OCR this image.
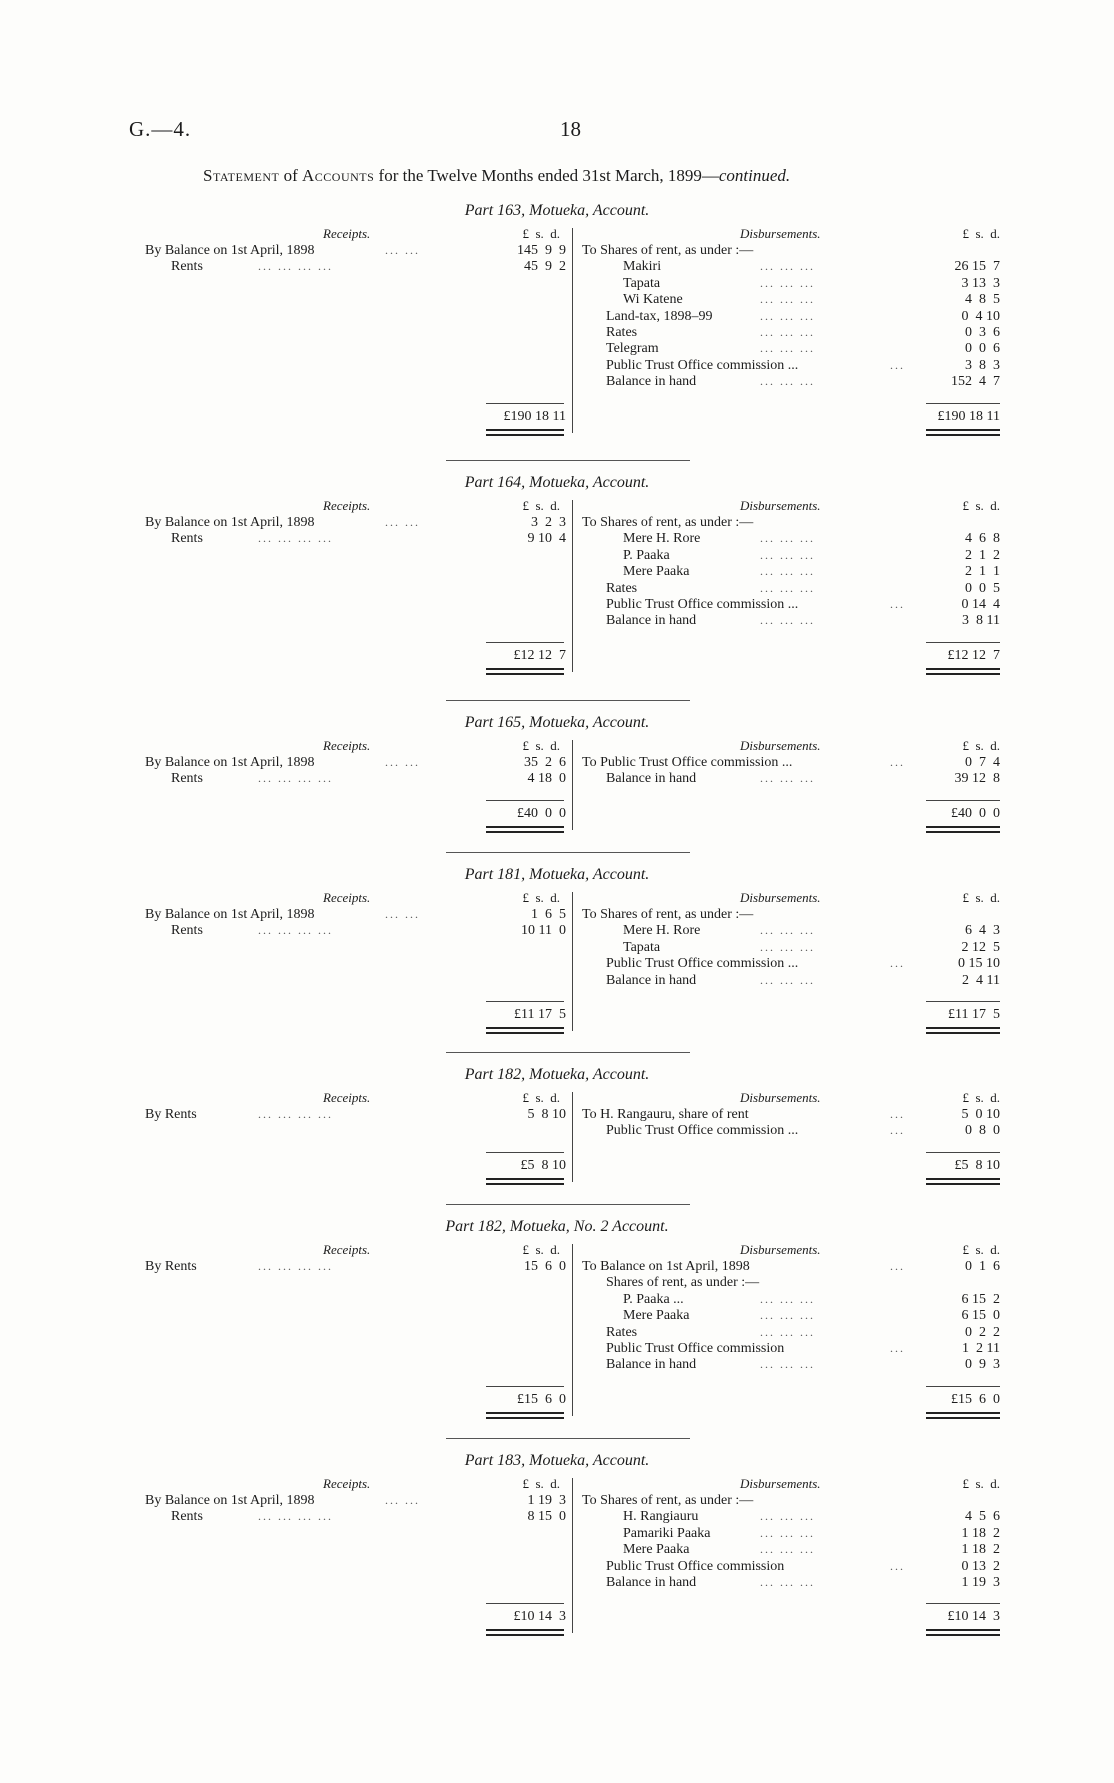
G.—4.	18
Statement of Accounts for the Twelve Months ended 31st March, 1899—continued.
Part 163, Motueka, Account.
Receipts.	£  s.  d.	Disbursements.	£  s.  d.
By Balance on 1st April, 1898	... ...	145  9  9
Rents	... ... ... ...	45  9  2
To Shares of rent, as under :—
Makiri	... ... ...	26 15  7
Tapata	... ... ...	3 13  3
Wi Katene	... ... ...	4  8  5
Land-tax, 1898–99	... ... ...	0  4 10
Rates	... ... ...	0  3  6
Telegram	... ... ...	0  0  6
Public Trust Office commission ...	...	3  8  3
Balance in hand	... ... ...	152  4  7
£190 18 11	£190 18 11
Part 164, Motueka, Account.
Receipts.	£  s.  d.	Disbursements.	£  s.  d.
By Balance on 1st April, 1898	... ...	3  2  3
Rents	... ... ... ...	9 10  4
To Shares of rent, as under :—
Mere H. Rore	... ... ...	4  6  8
P. Paaka	... ... ...	2  1  2
Mere Paaka	... ... ...	2  1  1
Rates	... ... ...	0  0  5
Public Trust Office commission ...	...	0 14  4
Balance in hand	... ... ...	3  8 11
£12 12  7	£12 12  7
Part 165, Motueka, Account.
Receipts.	£  s.  d.	Disbursements.	£  s.  d.
By Balance on 1st April, 1898	... ...	35  2  6
Rents	... ... ... ...	4 18  0
To Public Trust Office commission ...	...	0  7  4
Balance in hand	... ... ...	39 12  8
£40  0  0	£40  0  0
Part 181, Motueka, Account.
Receipts.	£  s.  d.	Disbursements.	£  s.  d.
By Balance on 1st April, 1898	... ...	1  6  5
Rents	... ... ... ...	10 11  0
To Shares of rent, as under :—
Mere H. Rore	... ... ...	6  4  3
Tapata	... ... ...	2 12  5
Public Trust Office commission ...	...	0 15 10
Balance in hand	... ... ...	2  4 11
£11 17  5	£11 17  5
Part 182, Motueka, Account.
Receipts.	£  s.  d.	Disbursements.	£  s.  d.
By Rents	... ... ... ...	5  8 10 To H. Rangauru, share of rent	...	5  0 10
Public Trust Office commission ...	...	0  8  0
£5  8 10	£5  8 10
Part 182, Motueka, No. 2 Account.
Receipts.	£  s.  d.	Disbursements.	£  s.  d.
By Rents	... ... ... ...	15  6  0 To Balance on 1st April, 1898	...	0  1  6
Shares of rent, as under :—
P. Paaka ...	... ... ...	6 15  2
Mere Paaka	... ... ...	6 15  0
Rates	... ... ...	0  2  2
Public Trust Office commission	...	1  2 11
Balance in hand	... ... ...	0  9  3
£15  6  0	£15  6  0
Part 183, Motueka, Account.
Receipts.	£  s.  d.	Disbursements.	£  s.  d.
By Balance on 1st April, 1898	... ...	1 19  3
Rents	... ... ... ...	8 15  0
To Shares of rent, as under :—
H. Rangiauru	... ... ...	4  5  6
Pamariki Paaka	... ... ...	1 18  2
Mere Paaka	... ... ...	1 18  2
Public Trust Office commission	...	0 13  2
Balance in hand	... ... ...	1 19  3
£10 14  3	£10 14  3
